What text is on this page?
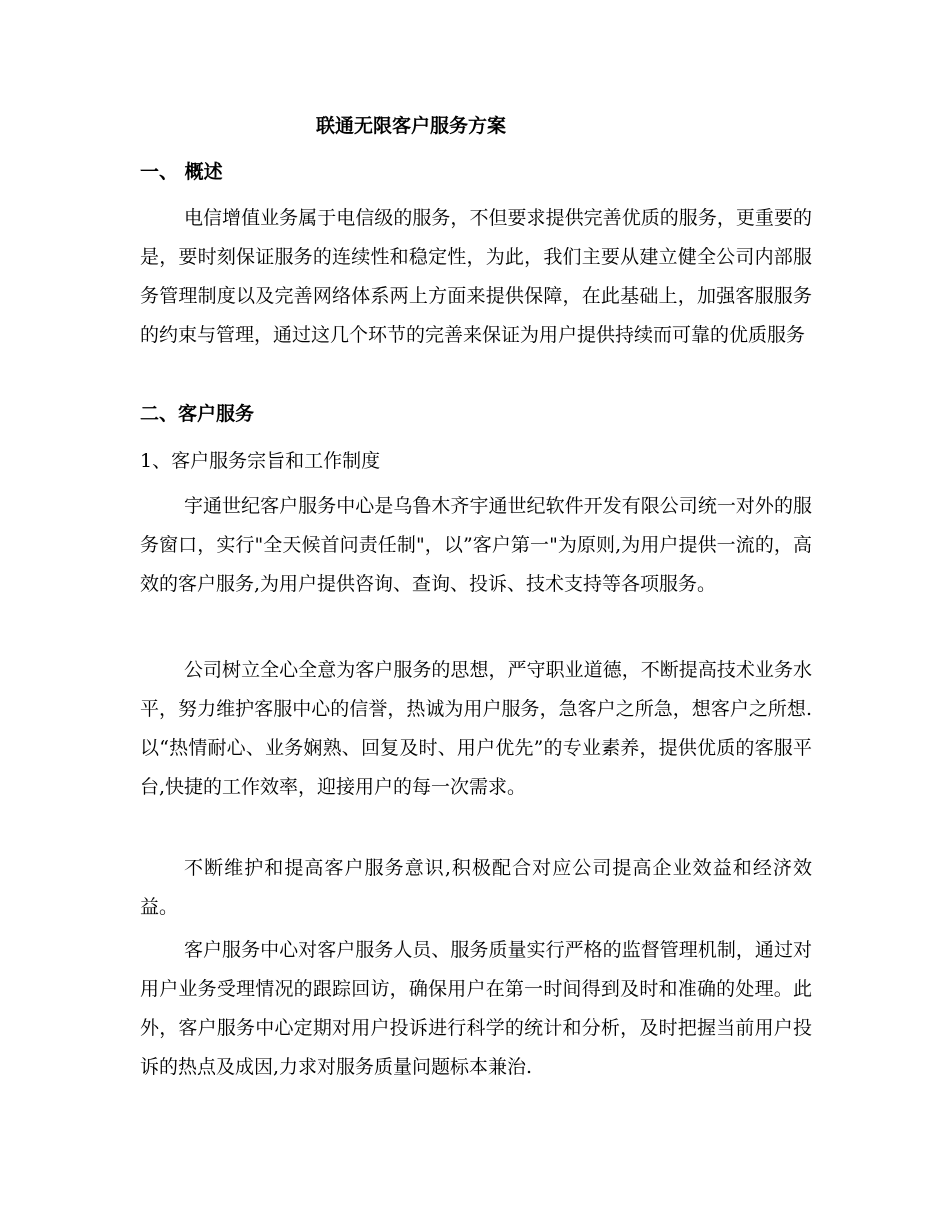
联通无限客户服务方案
一、 概述
电信增值业务属于电信级的服务，不但要求提供完善优质的服务，更重要的是，要时刻保证服务的连续性和稳定性，为此，我们主要从建立健全公司内部服务管理制度以及完善网络体系两上方面来提供保障，在此基础上，加强客服服务的约束与管理，通过这几个环节的完善来保证为用户提供持续而可靠的优质服务
二、客户服务
1、客户服务宗旨和工作制度
宇通世纪客户服务中心是乌鲁木齐宇通世纪软件开发有限公司统一对外的服务窗口，实行"全天候首问责任制"，以”客户第一"为原则,为用户提供一流的，高效的客户服务,为用户提供咨询、查询、投诉、技术支持等各项服务。
公司树立全心全意为客户服务的思想，严守职业道德，不断提高技术业务水平，努力维护客服中心的信誉，热诚为用户服务，急客户之所急，想客户之所想.以“热情耐心、业务娴熟、回复及时、用户优先”的专业素养，提供优质的客服平台,快捷的工作效率，迎接用户的每一次需求。
不断维护和提高客户服务意识,积极配合对应公司提高企业效益和经济效益。
客户服务中心对客户服务人员、服务质量实行严格的监督管理机制，通过对用户业务受理情况的跟踪回访，确保用户在第一时间得到及时和准确的处理。此外，客户服务中心定期对用户投诉进行科学的统计和分析，及时把握当前用户投诉的热点及成因,力求对服务质量问题标本兼治.
